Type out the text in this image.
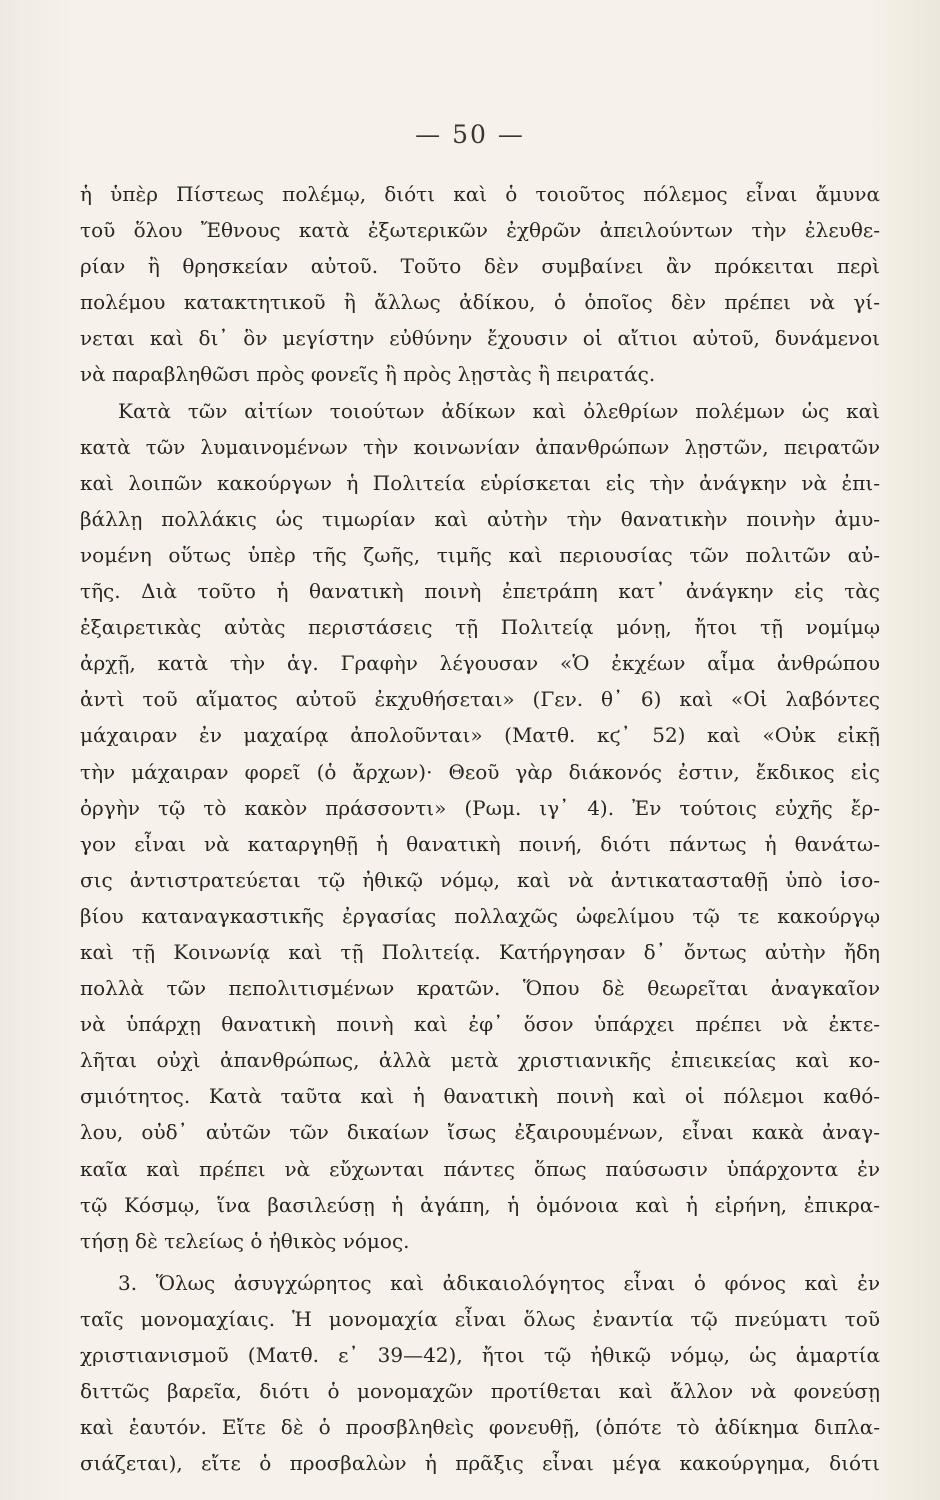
— 50 —
ἡ ὑπὲρ Πίστεως πολέμῳ, διότι καὶ ὁ τοιοῦτος πόλεμος εἶναι ἄμυνα
τοῦ ὅλου Ἔθνους κατὰ ἐξωτερικῶν ἐχθρῶν ἀπειλούντων τὴν ἐλευθε-
ρίαν ἢ θρησκείαν αὐτοῦ. Τοῦτο δὲν συμβαίνει ἂν πρόκειται περὶ
πολέμου κατακτητικοῦ ἢ ἄλλως ἀδίκου, ὁ ὁποῖος δὲν πρέπει νὰ γί-
νεται καὶ δι᾽ ὃν μεγίστην εὐθύνην ἔχουσιν οἱ αἴτιοι αὐτοῦ, δυνάμενοι
νὰ παραβληθῶσι πρὸς φονεῖς ἢ πρὸς λῃστὰς ἢ πειρατάς.
Κατὰ τῶν αἰτίων τοιούτων ἀδίκων καὶ ὀλεθρίων πολέμων ὡς καὶ
κατὰ τῶν λυμαινομένων τὴν κοινωνίαν ἀπανθρώπων λῃστῶν, πειρατῶν
καὶ λοιπῶν κακούργων ἡ Πολιτεία εὑρίσκεται εἰς τὴν ἀνάγκην νὰ ἐπι-
βάλλῃ πολλάκις ὡς τιμωρίαν καὶ αὐτὴν τὴν θανατικὴν ποινὴν ἀμυ-
νομένη οὕτως ὑπὲρ τῆς ζωῆς, τιμῆς καὶ περιουσίας τῶν πολιτῶν αὐ-
τῆς. Διὰ τοῦτο ἡ θανατικὴ ποινὴ ἐπετράπη κατ᾽ ἀνάγκην εἰς τὰς
ἐξαιρετικὰς αὐτὰς περιστάσεις τῇ Πολιτείᾳ μόνῃ, ἤτοι τῇ νομίμῳ
ἀρχῇ, κατὰ τὴν ἁγ. Γραφὴν λέγουσαν «Ὁ ἐκχέων αἷμα ἀνθρώπου
ἀντὶ τοῦ αἵματος αὐτοῦ ἐκχυθήσεται» (Γεν. θ᾽ 6) καὶ «Οἱ λαβόντες
μάχαιραν ἐν μαχαίρᾳ ἀπολοῦνται» (Ματθ. κϛ᾽ 52) καὶ «Οὐκ εἰκῇ
τὴν μάχαιραν φορεῖ (ὁ ἄρχων)· Θεοῦ γὰρ διάκονός ἐστιν, ἔκδικος εἰς
ὀργὴν τῷ τὸ κακὸν πράσσοντι» (Ρωμ. ιγ᾽ 4). Ἐν τούτοις εὐχῆς ἔρ-
γον εἶναι νὰ καταργηθῇ ἡ θανατικὴ ποινή, διότι πάντως ἡ θανάτω-
σις ἀντιστρατεύεται τῷ ἠθικῷ νόμῳ, καὶ νὰ ἀντικατασταθῇ ὑπὸ ἰσο-
βίου καταναγκαστικῆς ἐργασίας πολλαχῶς ὠφελίμου τῷ τε κακούργῳ
καὶ τῇ Κοινωνίᾳ καὶ τῇ Πολιτείᾳ. Κατήργησαν δ᾽ ὄντως αὐτὴν ἤδη
πολλὰ τῶν πεπολιτισμένων κρατῶν. Ὅπου δὲ θεωρεῖται ἀναγκαῖον
νὰ ὑπάρχῃ θανατικὴ ποινὴ καὶ ἐφ᾽ ὅσον ὑπάρχει πρέπει νὰ ἐκτε-
λῆται οὐχὶ ἀπανθρώπως, ἀλλὰ μετὰ χριστιανικῆς ἐπιεικείας καὶ κο-
σμιότητος. Κατὰ ταῦτα καὶ ἡ θανατικὴ ποινὴ καὶ οἱ πόλεμοι καθό-
λου, οὐδ᾽ αὐτῶν τῶν δικαίων ἴσως ἐξαιρουμένων, εἶναι κακὰ ἀναγ-
καῖα καὶ πρέπει νὰ εὔχωνται πάντες ὅπως παύσωσιν ὑπάρχοντα ἐν
τῷ Κόσμῳ, ἵνα βασιλεύσῃ ἡ ἀγάπη, ἡ ὁμόνοια καὶ ἡ εἰρήνη, ἐπικρα-
τήσῃ δὲ τελείως ὁ ἠθικὸς νόμος.
3. Ὅλως ἀσυγχώρητος καὶ ἀδικαιολόγητος εἶναι ὁ φόνος καὶ ἐν
ταῖς μονομαχίαις. Ἡ μονομαχία εἶναι ὅλως ἐναντία τῷ πνεύματι τοῦ
χριστιανισμοῦ (Ματθ. ε᾽ 39—42), ἤτοι τῷ ἠθικῷ νόμῳ, ὡς ἁμαρτία
διττῶς βαρεῖα, διότι ὁ μονομαχῶν προτίθεται καὶ ἄλλον νὰ φονεύσῃ
καὶ ἑαυτόν. Εἴτε δὲ ὁ προσβληθεὶς φονευθῇ, (ὁπότε τὸ ἀδίκημα διπλα-
σιάζεται), εἴτε ὁ προσβαλὼν ἡ πρᾶξις εἶναι μέγα κακούργημα, διότι
